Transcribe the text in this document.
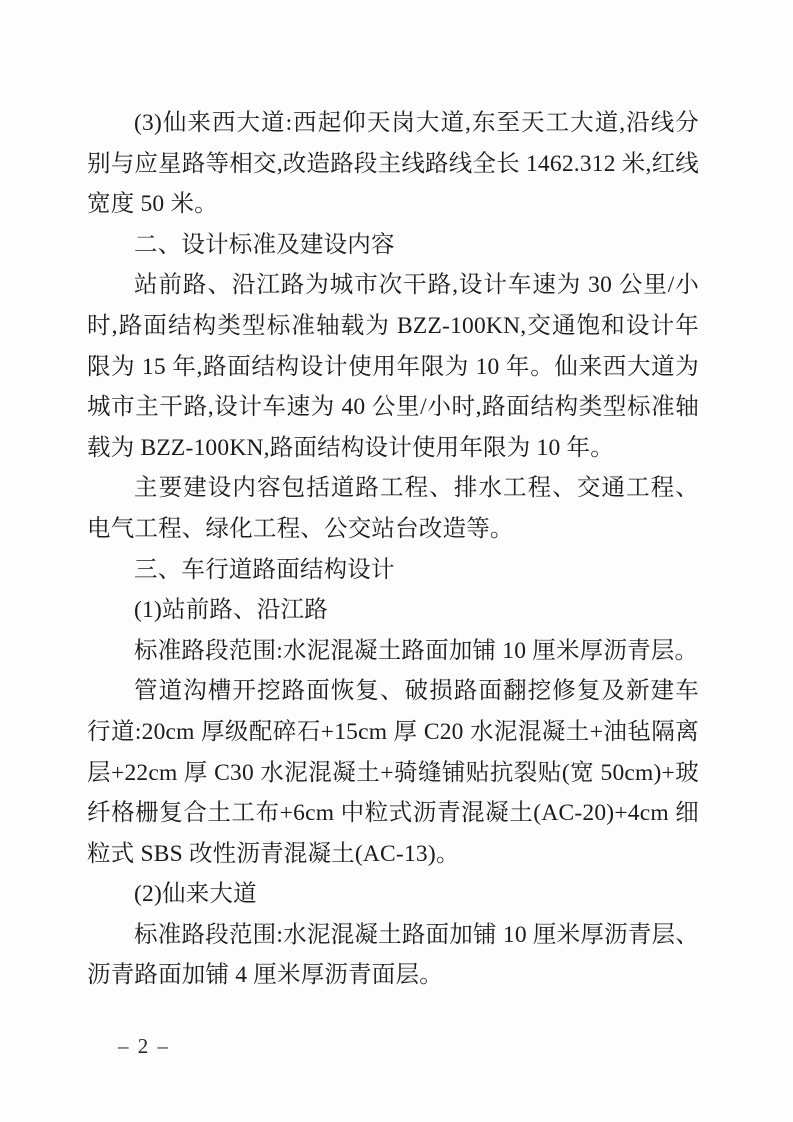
(3)仙来西大道:西起仰天岗大道,东至天工大道,沿线分别与应星路等相交,改造路段主线路线全长 1462.312 米,红线宽度 50 米。

二、设计标准及建设内容

站前路、沿江路为城市次干路,设计车速为 30 公里/小时,路面结构类型标准轴载为 BZZ-100KN,交通饱和设计年限为 15 年,路面结构设计使用年限为 10 年。仙来西大道为城市主干路,设计车速为 40 公里/小时,路面结构类型标准轴载为 BZZ-100KN,路面结构设计使用年限为 10 年。

主要建设内容包括道路工程、排水工程、交通工程、电气工程、绿化工程、公交站台改造等。

三、车行道路面结构设计

(1)站前路、沿江路

标准路段范围:水泥混凝土路面加铺 10 厘米厚沥青层。

管道沟槽开挖路面恢复、破损路面翻挖修复及新建车行道:20cm 厚级配碎石+15cm 厚 C20 水泥混凝土+油毡隔离层+22cm 厚 C30 水泥混凝土+骑缝铺贴抗裂贴(宽 50cm)+玻纤格栅复合土工布+6cm 中粒式沥青混凝土(AC-20)+4cm 细粒式 SBS 改性沥青混凝土(AC-13)。

(2)仙来大道

标准路段范围:水泥混凝土路面加铺 10 厘米厚沥青层、沥青路面加铺 4 厘米厚沥青面层。

– 2 –
